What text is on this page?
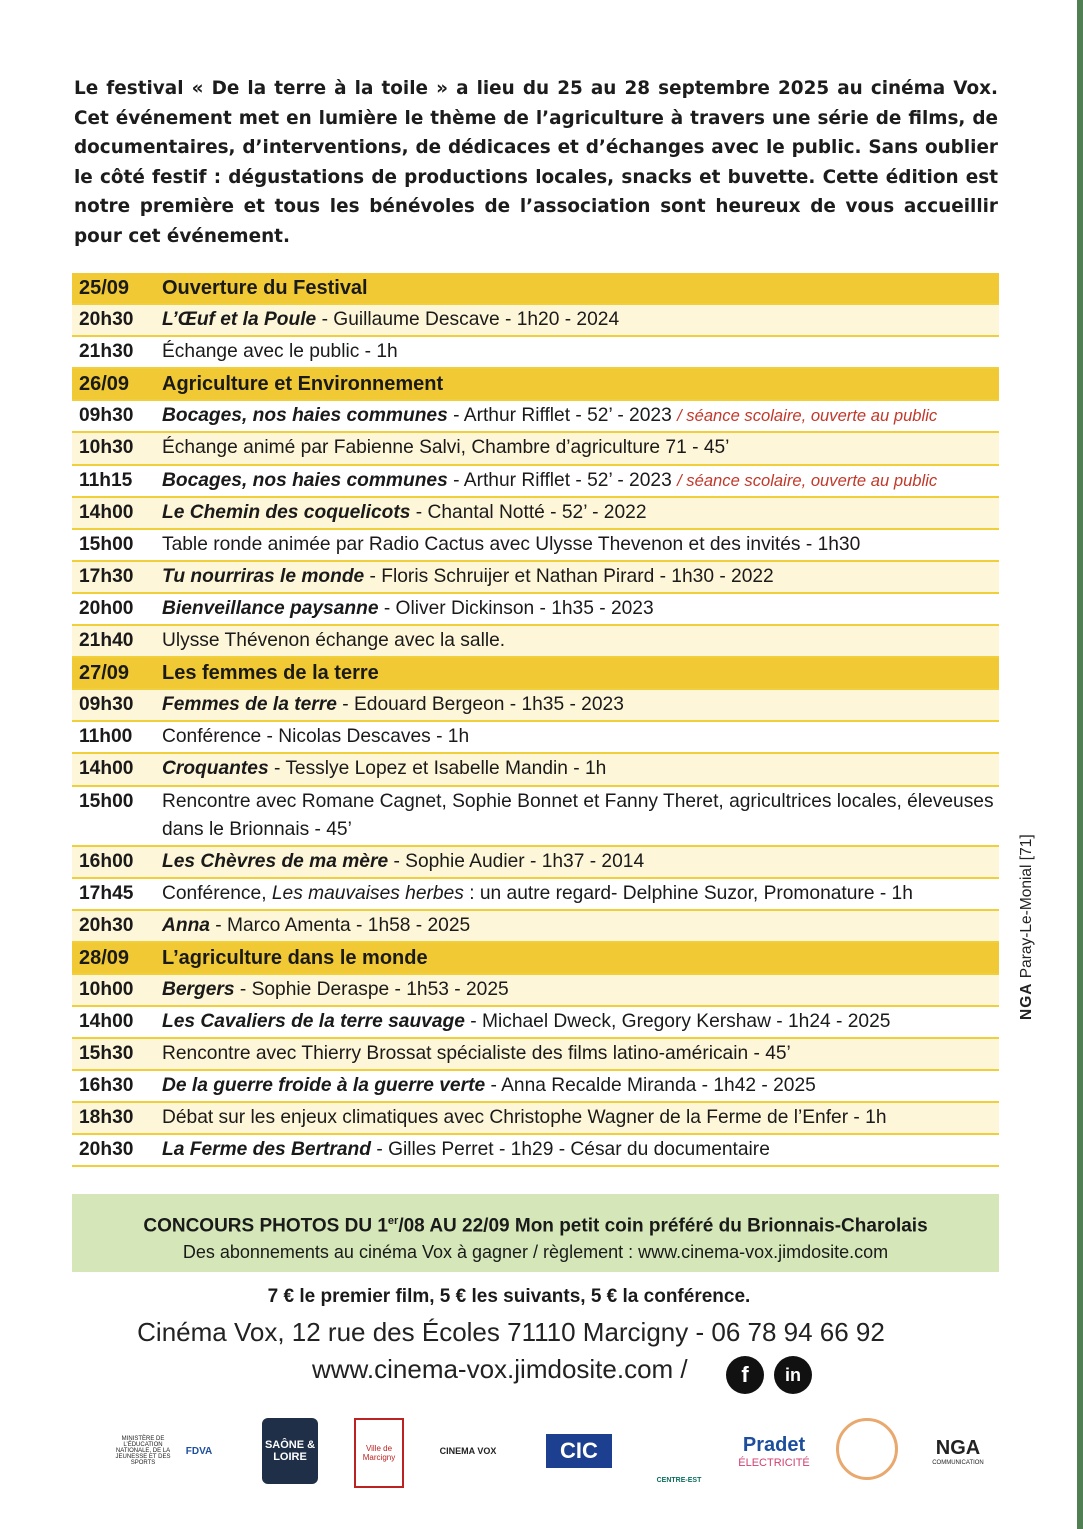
Le festival « De la terre à la toile » a lieu du 25 au 28 septembre 2025 au cinéma Vox. Cet événement met en lumière le thème de l’agriculture à travers une série de films, de documentaires, d’interventions, de dédicaces et d’échanges avec le public. Sans oublier le côté festif : dégustations de productions locales, snacks et buvette. Cette édition est notre première et tous les bénévoles de l’association sont heureux de vous accueillir pour cet événement.

25/09	Ouverture du Festival
20h30	L’Œuf et la Poule - Guillaume Descave - 1h20 - 2024
21h30	Échange avec le public - 1h
26/09	Agriculture et Environnement
09h30	Bocages, nos haies communes - Arthur Rifflet - 52’ - 2023 / séance scolaire, ouverte au public
10h30	Échange animé par Fabienne Salvi, Chambre d’agriculture 71 - 45’
11h15	Bocages, nos haies communes - Arthur Rifflet - 52’ - 2023 / séance scolaire, ouverte au public
14h00	Le Chemin des coquelicots - Chantal Notté - 52’ - 2022
15h00	Table ronde animée par Radio Cactus avec Ulysse Thevenon et des invités - 1h30
17h30	Tu nourriras le monde - Floris Schruijer et Nathan Pirard - 1h30 - 2022
20h00	Bienveillance paysanne - Oliver Dickinson - 1h35 - 2023
21h40	Ulysse Thévenon échange avec la salle.
27/09	Les femmes de la terre
09h30	Femmes de la terre - Edouard Bergeon - 1h35 - 2023
11h00	Conférence - Nicolas Descaves - 1h
14h00	Croquantes - Tesslye Lopez et Isabelle Mandin - 1h
15h00	Rencontre avec Romane Cagnet, Sophie Bonnet et Fanny Theret, agricultrices locales, éleveuses dans le Brionnais - 45’
16h00	Les Chèvres de ma mère - Sophie Audier - 1h37 - 2014
17h45	Conférence, Les mauvaises herbes : un autre regard- Delphine Suzor, Promonature - 1h
20h30	Anna - Marco Amenta - 1h58 - 2025
28/09	L’agriculture dans le monde
10h00	Bergers - Sophie Deraspe - 1h53 - 2025
14h00	Les Cavaliers de la terre sauvage - Michael Dweck, Gregory Kershaw - 1h24 - 2025
15h30	Rencontre avec Thierry Brossat spécialiste des films latino-américain - 45’
16h30	De la guerre froide à la guerre verte - Anna Recalde Miranda - 1h42 - 2025
18h30	Débat sur les enjeux climatiques avec Christophe Wagner de la Ferme de l’Enfer - 1h
20h30	La Ferme des Bertrand - Gilles Perret - 1h29 - César du documentaire
CONCOURS PHOTOS DU 1er/08 AU 22/09 Mon petit coin préféré du Brionnais-Charolais
Des abonnements au cinéma Vox à gagner / règlement : www.cinema-vox.jimdosite.com
7 € le premier film, 5 € les suivants, 5 € la conférence.
Cinéma Vox, 12 rue des Écoles 71110 Marcigny - 06 78 94 66 92
www.cinema-vox.jimdosite.com /	f	in
NGA Paray-Le-Monial [71]
MINISTÈRE DE L’ÉDUCATION NATIONALE, DE LA JEUNESSE ET DES SPORTS
FDVA	SAÔNE & LOIRE
Ville de Marcigny
CINEMA VOX	CIC
CENTRE-EST
Pradet
ÉLECTRICITÉ
NGA
COMMUNICATION
